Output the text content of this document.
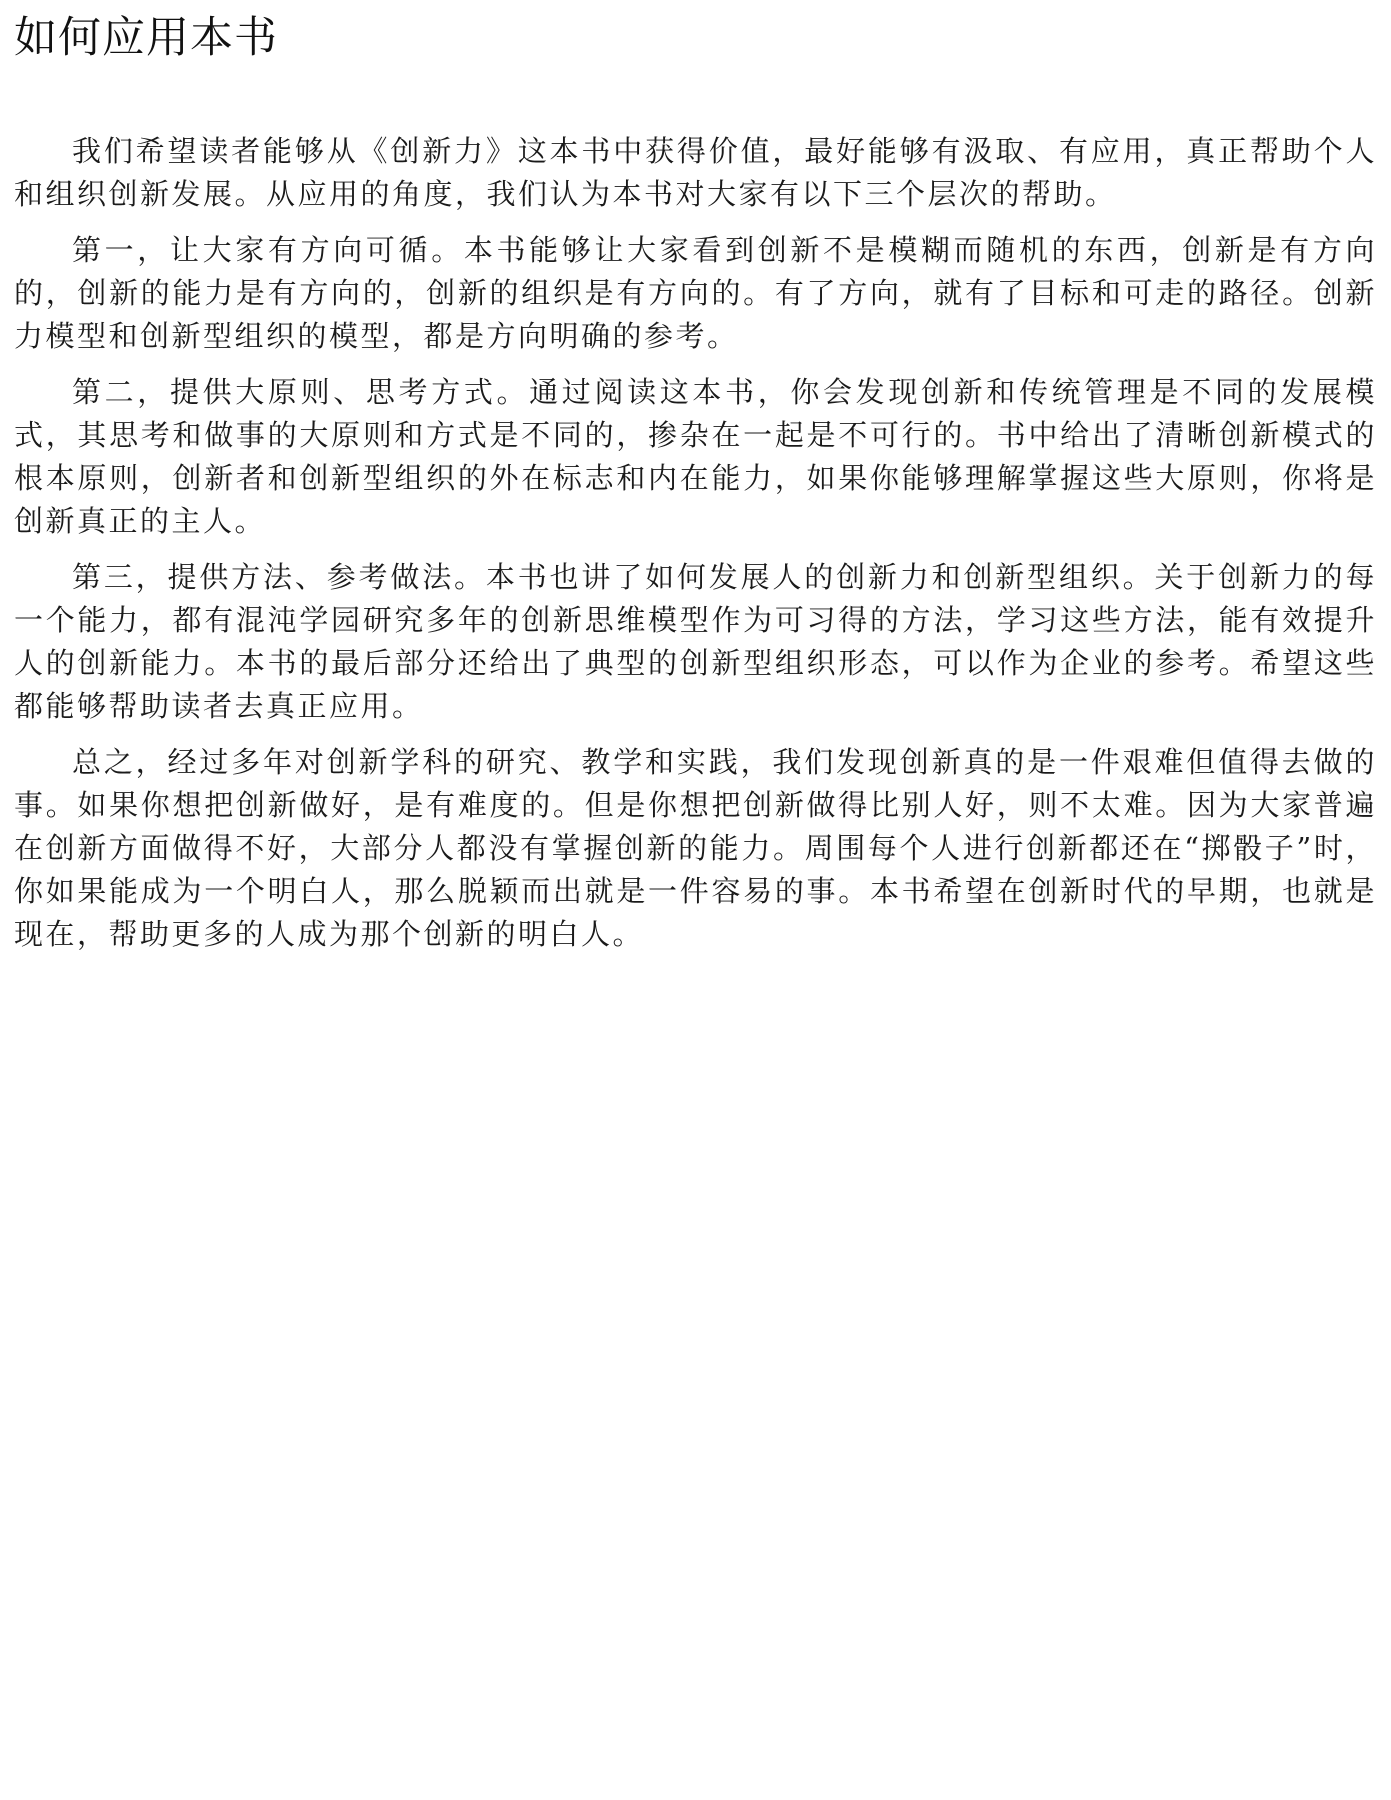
如何应用本书

我们希望读者能够从《创新力》这本书中获得价值，最好能够有汲取、有应用，真正帮助个人和组织创新发展。从应用的角度，我们认为本书对大家有以下三个层次的帮助。

第一，让大家有方向可循。本书能够让大家看到创新不是模糊而随机的东西，创新是有方向的，创新的能力是有方向的，创新的组织是有方向的。有了方向，就有了目标和可走的路径。创新力模型和创新型组织的模型，都是方向明确的参考。

第二，提供大原则、思考方式。通过阅读这本书，你会发现创新和传统管理是不同的发展模式，其思考和做事的大原则和方式是不同的，掺杂在一起是不可行的。书中给出了清晰创新模式的根本原则，创新者和创新型组织的外在标志和内在能力，如果你能够理解掌握这些大原则，你将是创新真正的主人。

第三，提供方法、参考做法。本书也讲了如何发展人的创新力和创新型组织。关于创新力的每一个能力，都有混沌学园研究多年的创新思维模型作为可习得的方法，学习这些方法，能有效提升人的创新能力。本书的最后部分还给出了典型的创新型组织形态，可以作为企业的参考。希望这些都能够帮助读者去真正应用。

总之，经过多年对创新学科的研究、教学和实践，我们发现创新真的是一件艰难但值得去做的事。如果你想把创新做好，是有难度的。但是你想把创新做得比别人好，则不太难。因为大家普遍在创新方面做得不好，大部分人都没有掌握创新的能力。周围每个人进行创新都还在“掷骰子”时，你如果能成为一个明白人，那么脱颖而出就是一件容易的事。本书希望在创新时代的早期，也就是现在，帮助更多的人成为那个创新的明白人。
